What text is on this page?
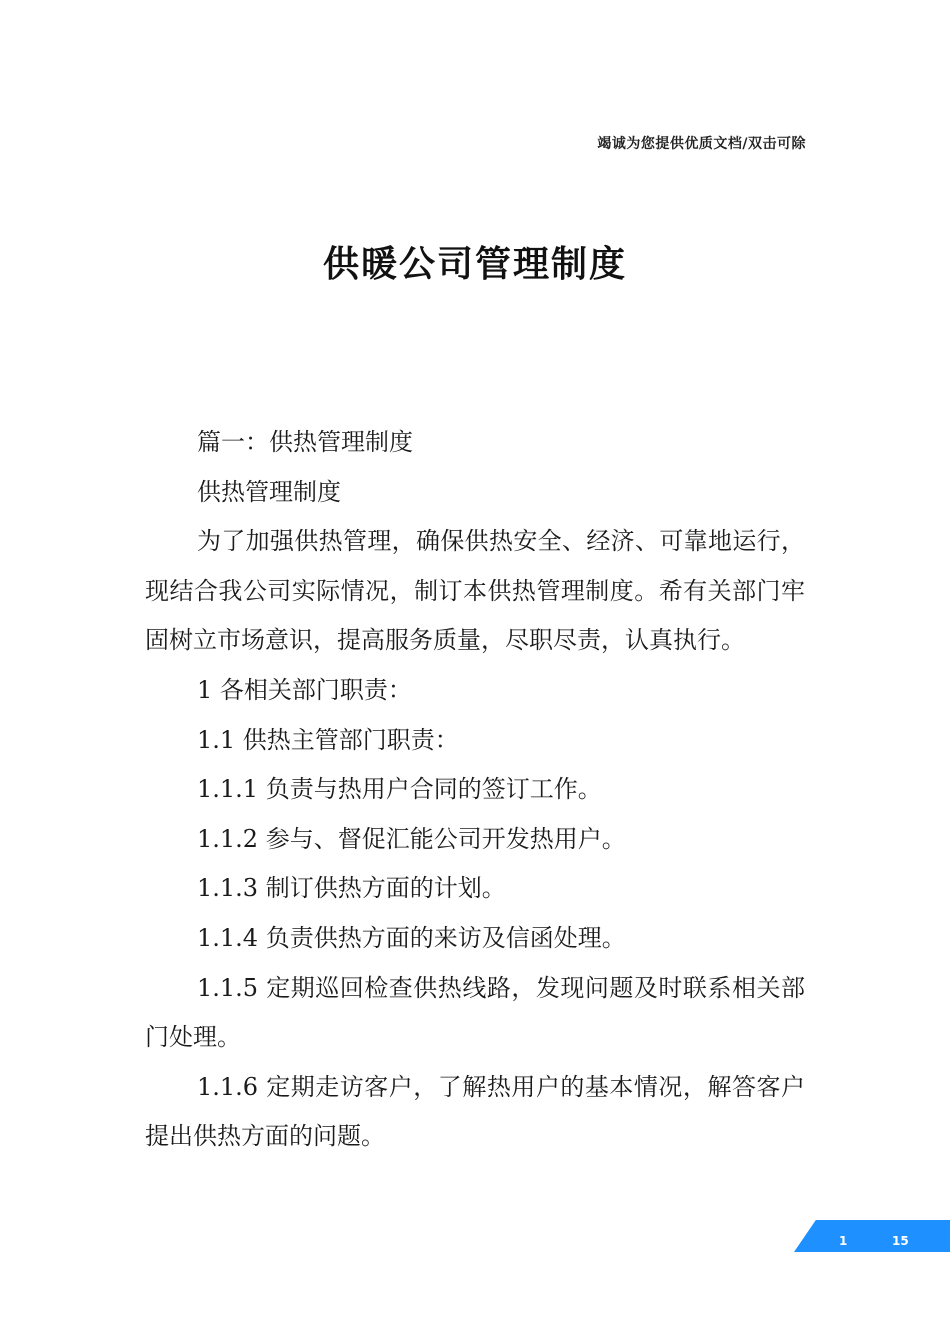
竭诚为您提供优质文档/双击可除
供暖公司管理制度

篇一：供热管理制度

供热管理制度

为了加强供热管理，确保供热安全、经济、可靠地运行，现结合我公司实际情况，制订本供热管理制度。希有关部门牢固树立市场意识，提高服务质量，尽职尽责，认真执行。

1 各相关部门职责：

1.1 供热主管部门职责：

1.1.1 负责与热用户合同的签订工作。

1.1.2 参与、督促汇能公司开发热用户。

1.1.3 制订供热方面的计划。

1.1.4 负责供热方面的来访及信函处理。

1.1.5 定期巡回检查供热线路，发现问题及时联系相关部门处理。

1.1.6 定期走访客户，了解热用户的基本情况，解答客户提出供热方面的问题。

1	15
